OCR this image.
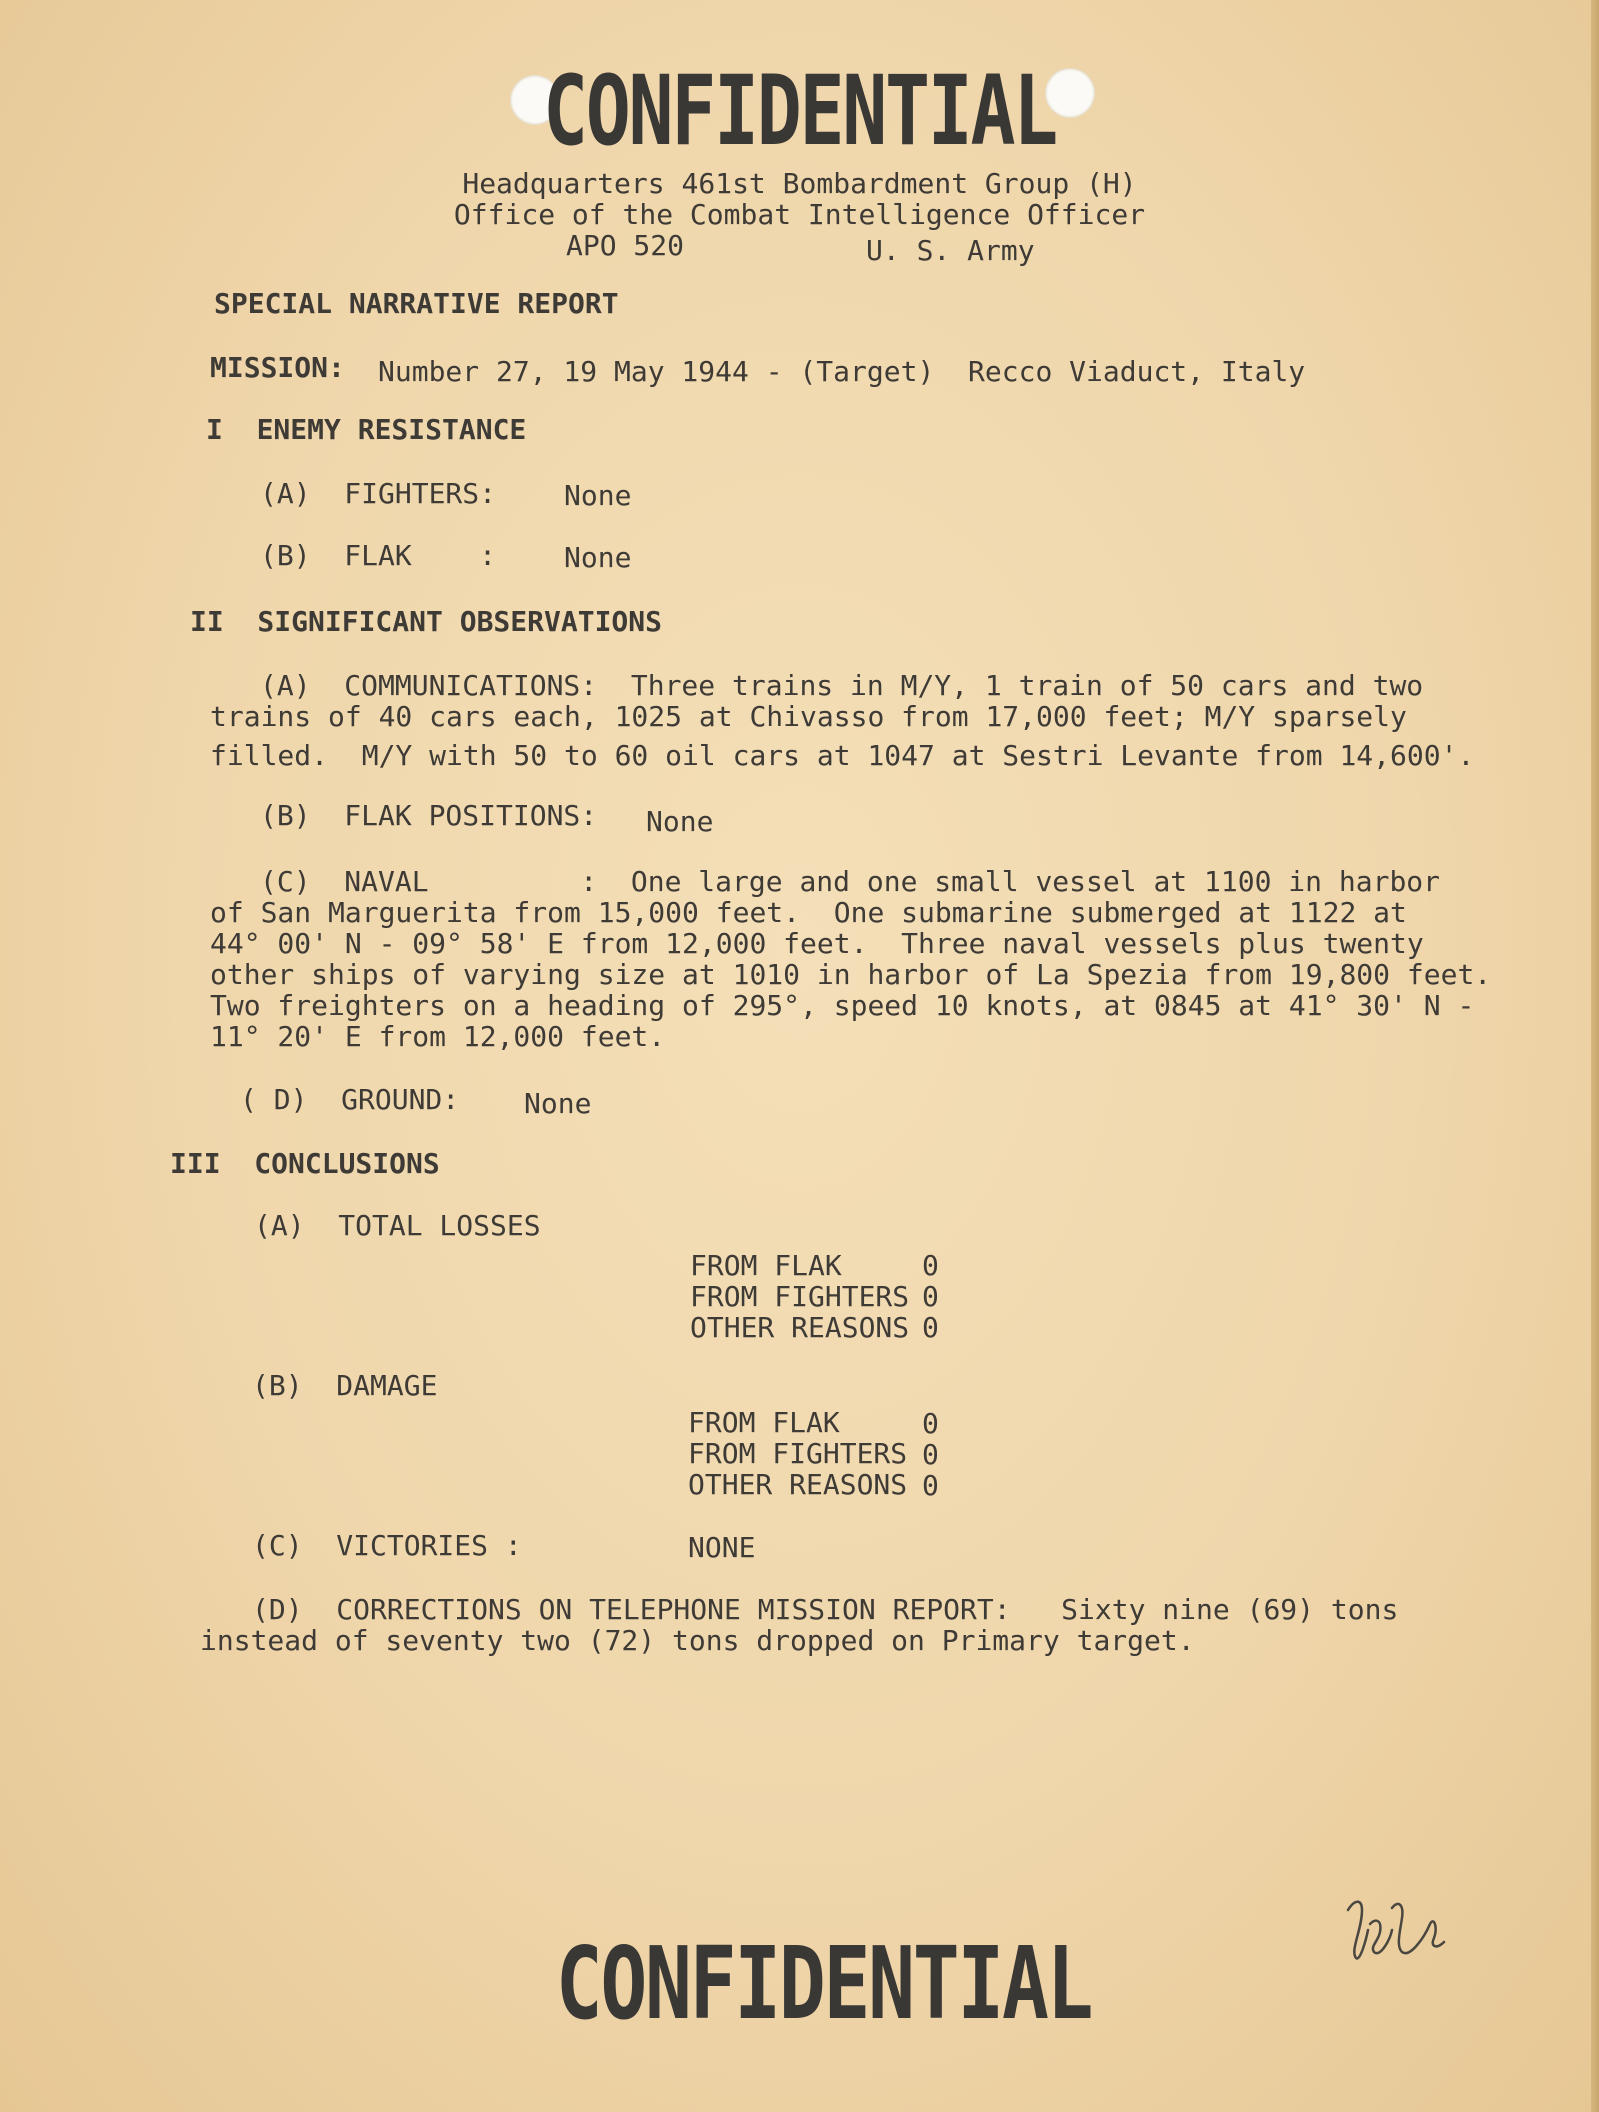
CONFIDENTIAL
Headquarters 461st Bombardment Group (H)
Office of the Combat Intelligence Officer
APO 520	U. S. Army
SPECIAL NARRATIVE REPORT
MISSION: Number 27, 19 May 1944 - (Target)  Recco Viaduct, Italy
I  ENEMY RESISTANCE
(A)  FIGHTERS: None
(B)  FLAK    : None
II  SIGNIFICANT OBSERVATIONS
(A)  COMMUNICATIONS:  Three trains in M/Y, 1 train of 50 cars and two
trains of 40 cars each, 1025 at Chivasso from 17,000 feet; M/Y sparsely
filled.  M/Y with 50 to 60 oil cars at 1047 at Sestri Levante from 14,600'.
(B)  FLAK POSITIONS: None
(C)  NAVAL         :  One large and one small vessel at 1100 in harbor
of San Marguerita from 15,000 feet.  One submarine submerged at 1122 at
44° 00' N - 09° 58' E from 12,000 feet.  Three naval vessels plus twenty
other ships of varying size at 1010 in harbor of La Spezia from 19,800 feet.
Two freighters on a heading of 295°, speed 10 knots, at 0845 at 41° 30' N -
11° 20' E from 12,000 feet.
( D)  GROUND: None
III  CONCLUSIONS
(A)  TOTAL LOSSES
FROM FLAK	0
FROM FIGHTERS 0
OTHER REASONS 0
(B)  DAMAGE
FROM FLAK	0
FROM FIGHTERS 0
OTHER REASONS 0
(C)  VICTORIES :	NONE
(D)  CORRECTIONS ON TELEPHONE MISSION REPORT:   Sixty nine (69) tons
instead of seventy two (72) tons dropped on Primary target.
CONFIDENTIAL
